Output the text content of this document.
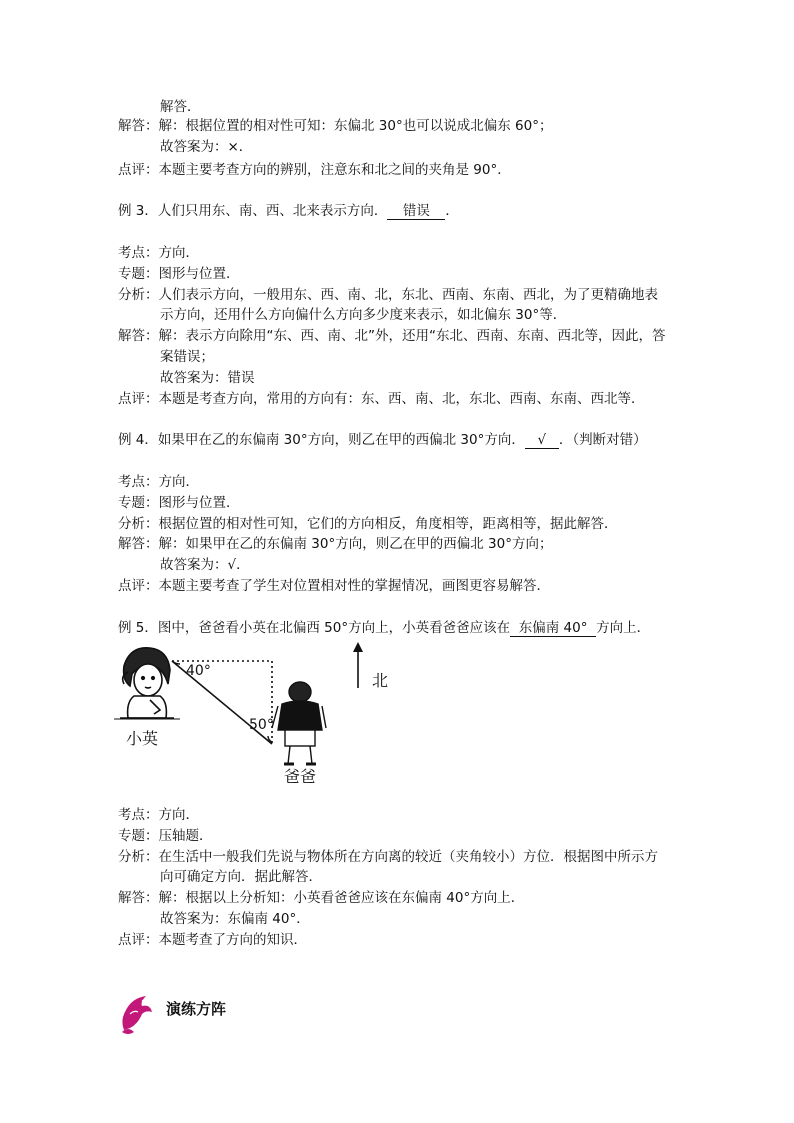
解答．
解答：解：根据位置的相对性可知：东偏北 30°也可以说成北偏东 60°；
故答案为：×．
点评：本题主要考查方向的辨别，注意东和北之间的夹角是 90°．
例 3．人们只用东、南、西、北来表示方向． 错误 ．
考点：方向．
专题：图形与位置．
分析：人们表示方向，一般用东、西、南、北，东北、西南、东南、西北，为了更精确地表
示方向，还用什么方向偏什么方向多少度来表示，如北偏东 30°等．
解答：解：表示方向除用“东、西、南、北”外，还用“东北、西南、东南、西北等，因此，答
案错误；
故答案为：错误
点评：本题是考查方向，常用的方向有：东、西、南、北，东北、西南、东南、西北等．
例 4．如果甲在乙的东偏南 30°方向，则乙在甲的西偏北 30°方向． √ ．（判断对错）
考点：方向．
专题：图形与位置．
分析：根据位置的相对性可知，它们的方向相反，角度相等，距离相等，据此解答．
解答：解：如果甲在乙的东偏南 30°方向，则乙在甲的西偏北 30°方向；
故答案为：√．
点评：本题主要考查了学生对位置相对性的掌握情况，画图更容易解答．
例 5．图中，爸爸看小英在北偏西 50°方向上，小英看爸爸应该在 东偏南 40° 方向上．
40°
50°
北
小英
爸爸
考点：方向．
专题：压轴题．
分析：在生活中一般我们先说与物体所在方向离的较近（夹角较小）方位．根据图中所示方
向可确定方向．据此解答．
解答：解：根据以上分析知：小英看爸爸应该在东偏南 40°方向上．
故答案为：东偏南 40°．
点评：本题考查了方向的知识．
演练方阵
